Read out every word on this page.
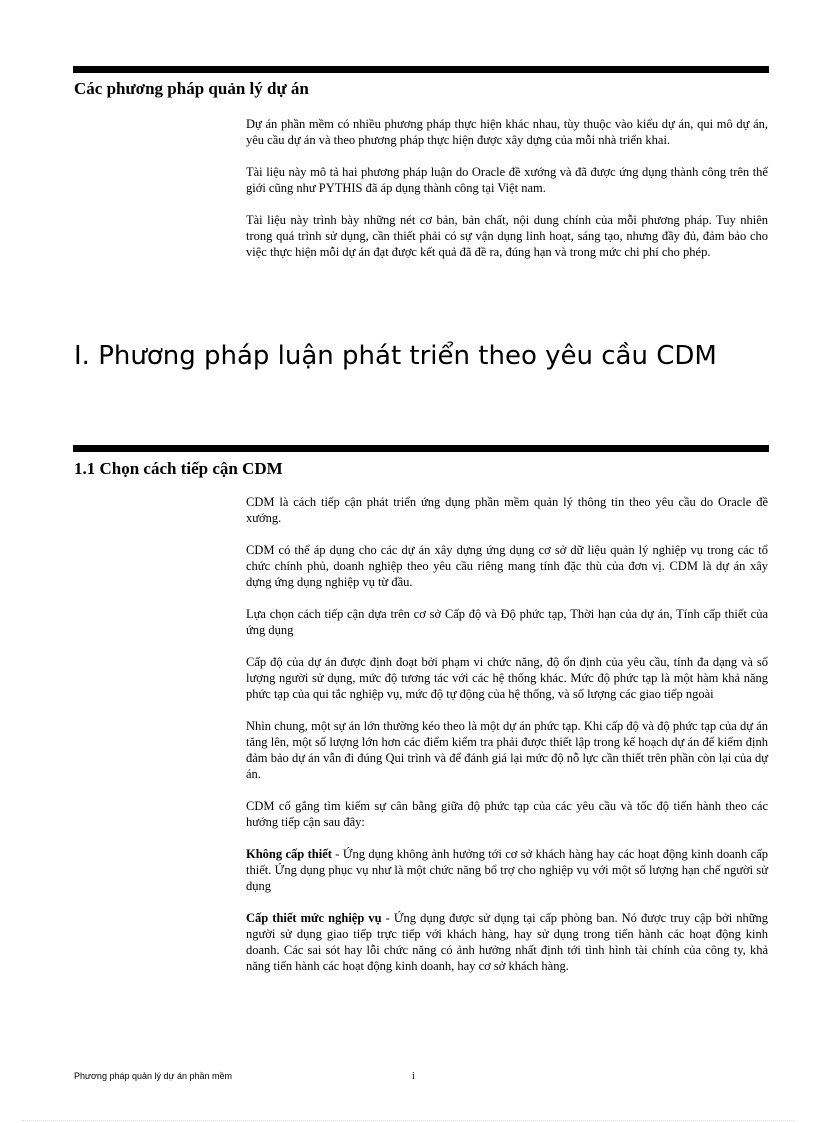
Các phương pháp quản lý dự án

Dự án phần mềm có nhiều phương pháp thực hiện khác nhau, tùy thuộc vào kiểu dự án, qui mô dự án, yêu cầu dự án và theo phương pháp thực hiện được xây dựng của mỗi nhà triển khai.

Tài liệu này mô tả hai phương pháp luận do Oracle đề xướng và đã được ứng dụng thành công trên thế giới cũng như PYTHIS đã áp dụng thành công tại Việt nam.

Tài liệu này trình bày những nét cơ bản, bản chất, nội dung chính của mỗi phương pháp. Tuy nhiên trong quá trình sử dụng, cần thiết phải có sự vận dụng linh hoạt, sáng tạo, nhưng đầy đủ, đảm bảo cho việc thực hiện mỗi dự án đạt được kết quả đã đề ra, đúng hạn và trong mức chi phí cho phép.

I. Phương pháp luận phát triển theo yêu cầu CDM
1.1 Chọn cách tiếp cận CDM

CDM là cách tiếp cận phát triển ứng dụng phần mềm quản lý thông tin theo yêu cầu do Oracle đề xướng.

CDM có thể áp dụng cho các dự án xây dựng ứng dụng cơ sở dữ liệu quản lý nghiệp vụ trong các tổ chức chính phủ, doanh nghiệp theo yêu cầu riêng mang tính đặc thù của đơn vị. CDM là dự án xây dựng ứng dụng nghiệp vụ từ đầu.

Lựa chọn cách tiếp cận dựa trên cơ sở Cấp độ và Độ phức tạp, Thời hạn của dự án, Tính cấp thiết của ứng dụng

Cấp độ của dự án được định đoạt bởi phạm vi chức năng, độ ổn định của yêu cầu, tính đa dạng và số lượng người sử dụng, mức độ tương tác với các hệ thống khác. Mức độ phức tạp là một hàm khả năng phức tạp của qui tắc nghiệp vụ, mức độ tự động của hệ thống, và số lượng các giao tiếp ngoài

Nhìn chung, một sự án lớn thường kéo theo là một dự án phức tạp. Khi cấp độ và độ phức tạp của dự án tăng lên, một số lượng lớn hơn các điểm kiểm tra phải được thiết lập trong kế hoạch dự án để kiểm định đảm bảo dự án vẫn đi đúng Qui trình và để đánh giá lại mức độ nỗ lực cần thiết trên phần còn lại của dự án.

CDM cố gắng tìm kiếm sự cân bằng giữa độ phức tạp của các yêu cầu và tốc độ tiến hành theo các hướng tiếp cận sau đây:

Không cấp thiết - Ứng dụng không ảnh hưởng tới cơ sở khách hàng hay các hoạt động kinh doanh cấp thiết. Ứng dụng phục vụ như là một chức năng bổ trợ cho nghiệp vụ với một số lượng hạn chế người sử dụng

Cấp thiết mức nghiệp vụ - Ứng dụng được sử dụng tại cấp phòng ban. Nó được truy cập bởi những người sử dụng giao tiếp trực tiếp với khách hàng, hay sử dụng trong tiến hành các hoạt động kinh doanh. Các sai sót hay lỗi chức năng có ảnh hưởng nhất định tới tình hình tài chính của công ty, khả năng tiến hành các hoạt động kinh doanh, hay cơ sở khách hàng.

Phương pháp quản lý dự án phần mềm	i
